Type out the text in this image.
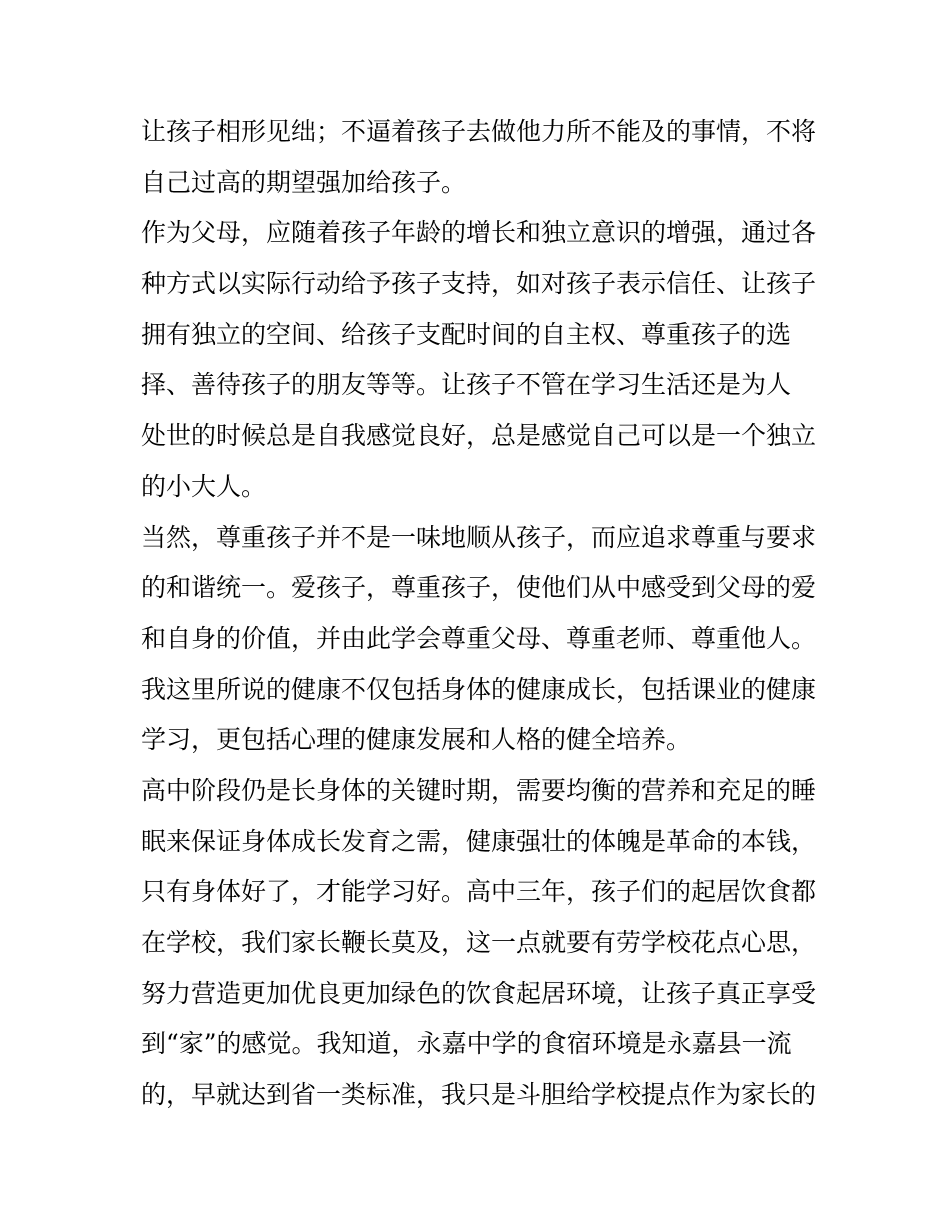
让孩子相形见绌；不逼着孩子去做他力所不能及的事情，不将
自己过高的期望强加给孩子。
作为父母，应随着孩子年龄的增长和独立意识的增强，通过各
种方式以实际行动给予孩子支持，如对孩子表示信任、让孩子
拥有独立的空间、给孩子支配时间的自主权、尊重孩子的选
择、善待孩子的朋友等等。让孩子不管在学习生活还是为人
处世的时候总是自我感觉良好，总是感觉自己可以是一个独立
的小大人。
当然，尊重孩子并不是一味地顺从孩子，而应追求尊重与要求
的和谐统一。爱孩子，尊重孩子，使他们从中感受到父母的爱
和自身的价值，并由此学会尊重父母、尊重老师、尊重他人。
我这里所说的健康不仅包括身体的健康成长，包括课业的健康
学习，更包括心理的健康发展和人格的健全培养。
高中阶段仍是长身体的关键时期，需要均衡的营养和充足的睡
眠来保证身体成长发育之需，健康强壮的体魄是革命的本钱，
只有身体好了，才能学习好。高中三年，孩子们的起居饮食都
在学校，我们家长鞭长莫及，这一点就要有劳学校花点心思，
努力营造更加优良更加绿色的饮食起居环境，让孩子真正享受
到“家”的感觉。我知道，永嘉中学的食宿环境是永嘉县一流
的，早就达到省一类标准，我只是斗胆给学校提点作为家长的
